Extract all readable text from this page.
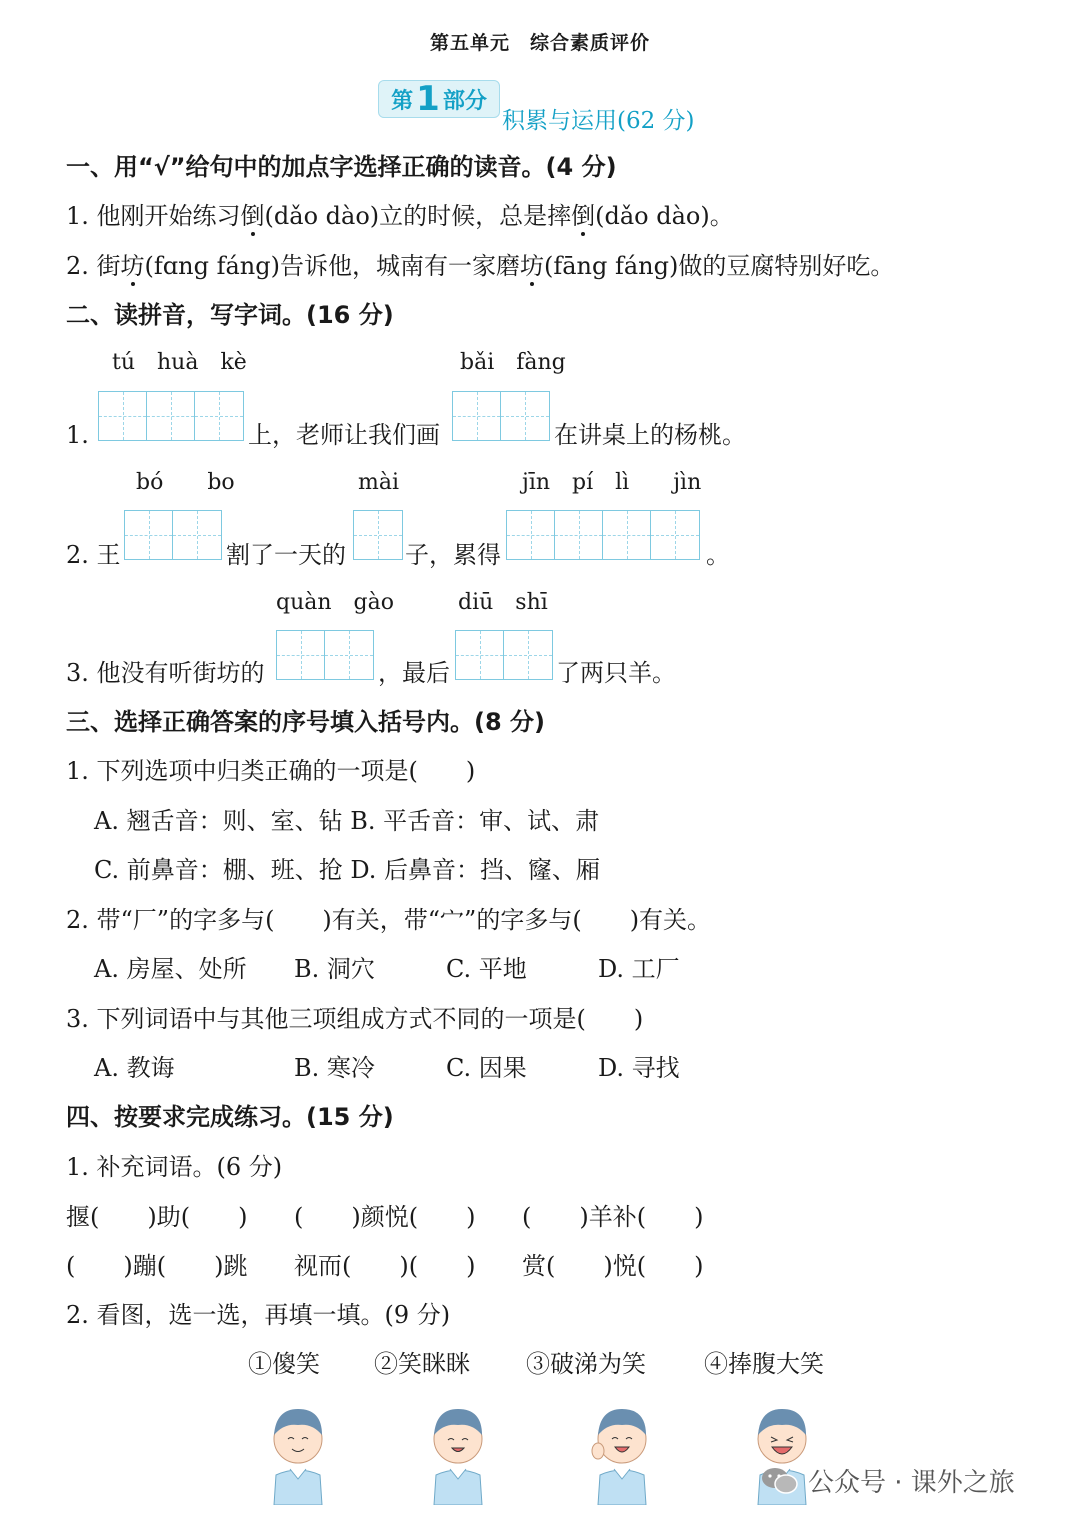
第五单元　综合素质评价
第 1 部分
积累与运用(62 分)
一、用“√”给句中的加点字选择正确的读音。(4 分)
1. 他刚开始练习倒(dǎo dào)立的时候，总是摔倒(dǎo dào)。
2. 街坊(fɑng fáng)告诉他，城南有一家磨坊(fāng fáng)做的豆腐特别好吃。
二、读拼音，写字词。(16 分)
tú　huà　kè	bǎi　fàng
1.	上，老师让我们画	在讲桌上的杨桃。
bó　　bo	mài	jīn　pí　lì　　jìn
2. 王	割了一天的 子，累得	。
quàn　gào	diū　shī
3. 他没有听街坊的	，最后	了两只羊。
三、选择正确答案的序号填入括号内。(8 分)
1. 下列选项中归类正确的一项是(　　)
A. 翘舌音：则、室、钻 B. 平舌音：审、试、肃
C. 前鼻音：棚、班、抢 D. 后鼻音：挡、窿、厢
2. 带“厂”的字多与(　　)有关，带“宀”的字多与(　　)有关。
A. 房屋、处所 B. 洞穴	C. 平地	D. 工厂
3. 下列词语中与其他三项组成方式不同的一项是(　　)
A. 教诲	B. 寒冷	C. 因果	D. 寻找
四、按要求完成练习。(15 分)
1. 补充词语。(6 分)
揠(　　)助(　　) (　　)颜悦(　　) (　　)羊补(　　)
(　　)蹦(　　)跳 视而(　　)(　　) 赏(　　)悦(　　)
2. 看图，选一选，再填一填。(9 分)
①傻笑 ②笑眯眯 ③破涕为笑 ④捧腹大笑
公众号 · 课外之旅
